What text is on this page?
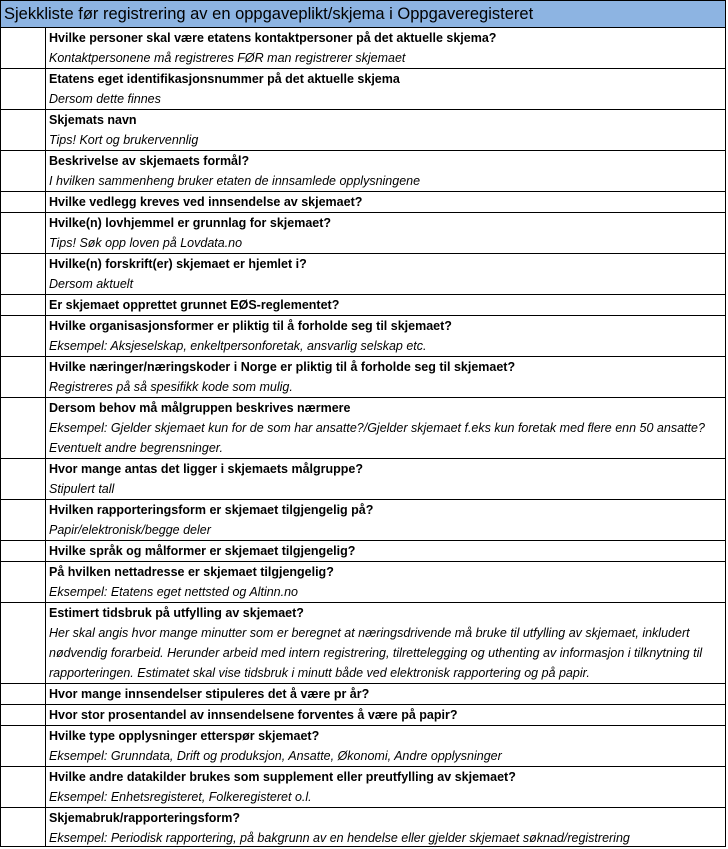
Sjekkliste før registrering av en oppgaveplikt/skjema i Oppgaveregisteret
Hvilke personer skal være etatens kontaktpersoner på det aktuelle skjema?
Kontaktpersonene må registreres FØR man registrerer skjemaet
Etatens eget identifikasjonsnummer på det aktuelle skjema
Dersom dette finnes
Skjemats navn
Tips! Kort og brukervennlig
Beskrivelse av skjemaets formål?
I hvilken sammenheng bruker etaten de innsamlede opplysningene
Hvilke vedlegg kreves ved innsendelse av skjemaet?
Hvilke(n) lovhjemmel er grunnlag for skjemaet?
Tips! Søk opp loven på Lovdata.no
Hvilke(n) forskrift(er) skjemaet er hjemlet i?
Dersom aktuelt
Er skjemaet opprettet grunnet EØS-reglementet?
Hvilke organisasjonsformer er pliktig til å forholde seg til skjemaet?
Eksempel: Aksjeselskap, enkeltpersonforetak, ansvarlig selskap etc.
Hvilke næringer/næringskoder i Norge er pliktig til å forholde seg til skjemaet?
Registreres på så spesifikk kode som mulig.
Dersom behov må målgruppen beskrives nærmere
Eksempel: Gjelder skjemaet kun for de som har ansatte?/Gjelder skjemaet f.eks kun foretak med flere enn 50 ansatte? Eventuelt andre begrensninger.
Hvor mange antas det ligger i skjemaets målgruppe?
Stipulert tall
Hvilken rapporteringsform er skjemaet tilgjengelig på?
Papir/elektronisk/begge deler
Hvilke språk og målformer er skjemaet tilgjengelig?
På hvilken nettadresse er skjemaet tilgjengelig?
Eksempel: Etatens eget nettsted og Altinn.no
Estimert tidsbruk på utfylling av skjemaet?
Her skal angis hvor mange minutter som er beregnet at næringsdrivende må bruke til utfylling av skjemaet, inkludert nødvendig forarbeid. Herunder arbeid med intern registrering, tilrettelegging og uthenting av informasjon i tilknytning til rapporteringen. Estimatet skal vise tidsbruk i minutt både ved elektronisk rapportering og på papir.
Hvor mange innsendelser stipuleres det å være pr år?
Hvor stor prosentandel av innsendelsene forventes å være på papir?
Hvilke type opplysninger etterspør skjemaet?
Eksempel: Grunndata, Drift og produksjon, Ansatte, Økonomi, Andre opplysninger
Hvilke andre datakilder brukes som supplement eller preutfylling av skjemaet?
Eksempel: Enhetsregisteret, Folkeregisteret o.l.
Skjemabruk/rapporteringsform?
Eksempel: Periodisk rapportering, på bakgrunn av en hendelse eller gjelder skjemaet søknad/registrering
